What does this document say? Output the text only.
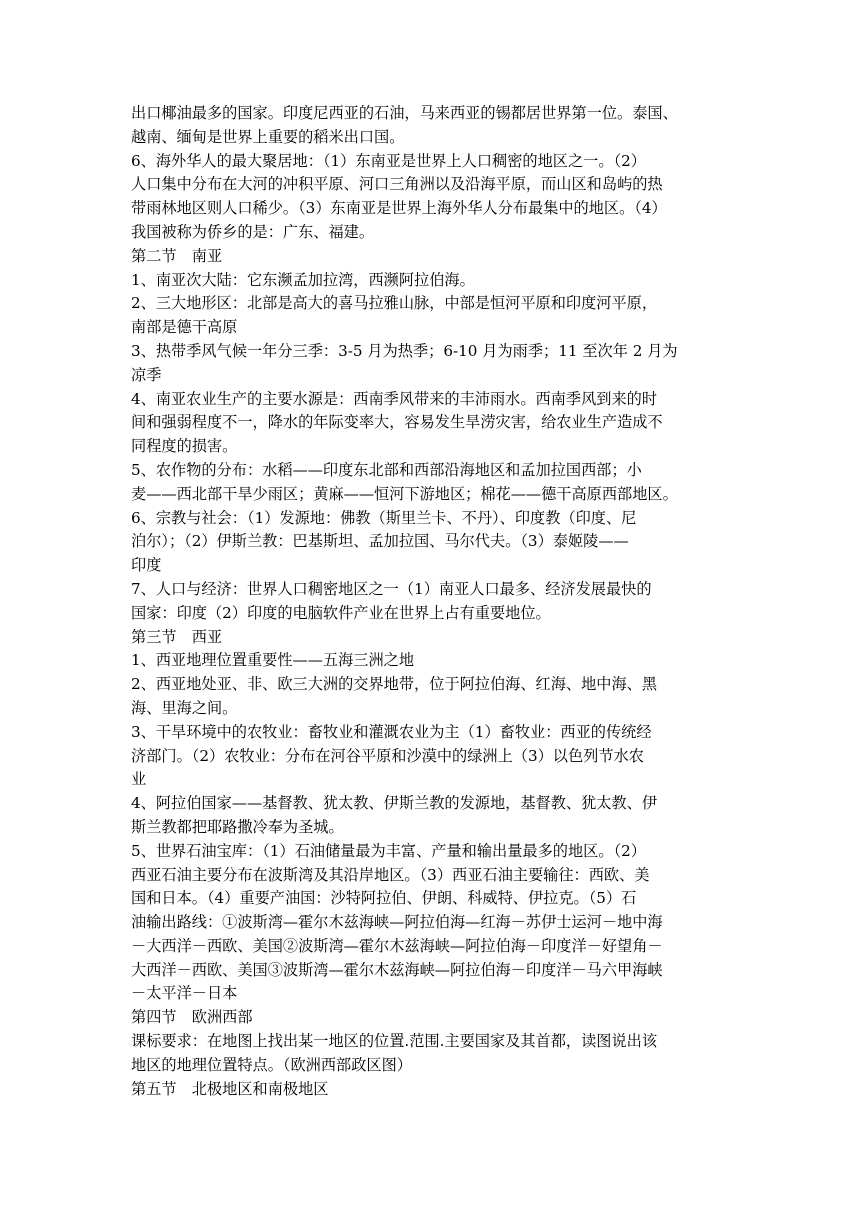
出口椰油最多的国家。印度尼西亚的石油，马来西亚的锡都居世界第一位。泰国、
越南、缅甸是世界上重要的稻米出口国。
6、海外华人的最大聚居地：（1）东南亚是世界上人口稠密的地区之一。（2）
人口集中分布在大河的冲积平原、河口三角洲以及沿海平原，而山区和岛屿的热
带雨林地区则人口稀少。（3）东南亚是世界上海外华人分布最集中的地区。（4）
我国被称为侨乡的是：广东、福建。
第二节　南亚
1、南亚次大陆：它东濒孟加拉湾，西濒阿拉伯海。
2、三大地形区：北部是高大的喜马拉雅山脉，中部是恒河平原和印度河平原，
南部是德干高原
3、热带季风气候一年分三季：3-5 月为热季；6-10 月为雨季；11 至次年 2 月为
凉季
4、南亚农业生产的主要水源是：西南季风带来的丰沛雨水。西南季风到来的时
间和强弱程度不一，降水的年际变率大，容易发生旱涝灾害，给农业生产造成不
同程度的损害。
5、农作物的分布：水稻——印度东北部和西部沿海地区和孟加拉国西部；小
麦——西北部干旱少雨区；黄麻——恒河下游地区；棉花——德干高原西部地区。
6、宗教与社会：（1）发源地：佛教（斯里兰卡、不丹）、印度教（印度、尼
泊尔）；（2）伊斯兰教：巴基斯坦、孟加拉国、马尔代夫。（3）泰姬陵——
印度
7、人口与经济：世界人口稠密地区之一（1）南亚人口最多、经济发展最快的
国家：印度（2）印度的电脑软件产业在世界上占有重要地位。
第三节　西亚
1、西亚地理位置重要性——五海三洲之地
2、西亚地处亚、非、欧三大洲的交界地带，位于阿拉伯海、红海、地中海、黑
海、里海之间。
3、干旱环境中的农牧业：畜牧业和灌溉农业为主（1）畜牧业：西亚的传统经
济部门。（2）农牧业：分布在河谷平原和沙漠中的绿洲上（3）以色列节水农
业
4、阿拉伯国家——基督教、犹太教、伊斯兰教的发源地，基督教、犹太教、伊
斯兰教都把耶路撒冷奉为圣城。
5、世界石油宝库：（1）石油储量最为丰富、产量和输出量最多的地区。（2）
西亚石油主要分布在波斯湾及其沿岸地区。（3）西亚石油主要输往：西欧、美
国和日本。（4）重要产油国：沙特阿拉伯、伊朗、科威特、伊拉克。（5）石
油输出路线：①波斯湾—霍尔木兹海峡—阿拉伯海—红海－苏伊士运河－地中海
－大西洋－西欧、美国②波斯湾—霍尔木兹海峡—阿拉伯海－印度洋－好望角－
大西洋－西欧、美国③波斯湾—霍尔木兹海峡—阿拉伯海－印度洋－马六甲海峡
－太平洋－日本
第四节　欧洲西部
课标要求：在地图上找出某一地区的位置.范围.主要国家及其首都，读图说出该
地区的地理位置特点。（欧洲西部政区图）
第五节　北极地区和南极地区
